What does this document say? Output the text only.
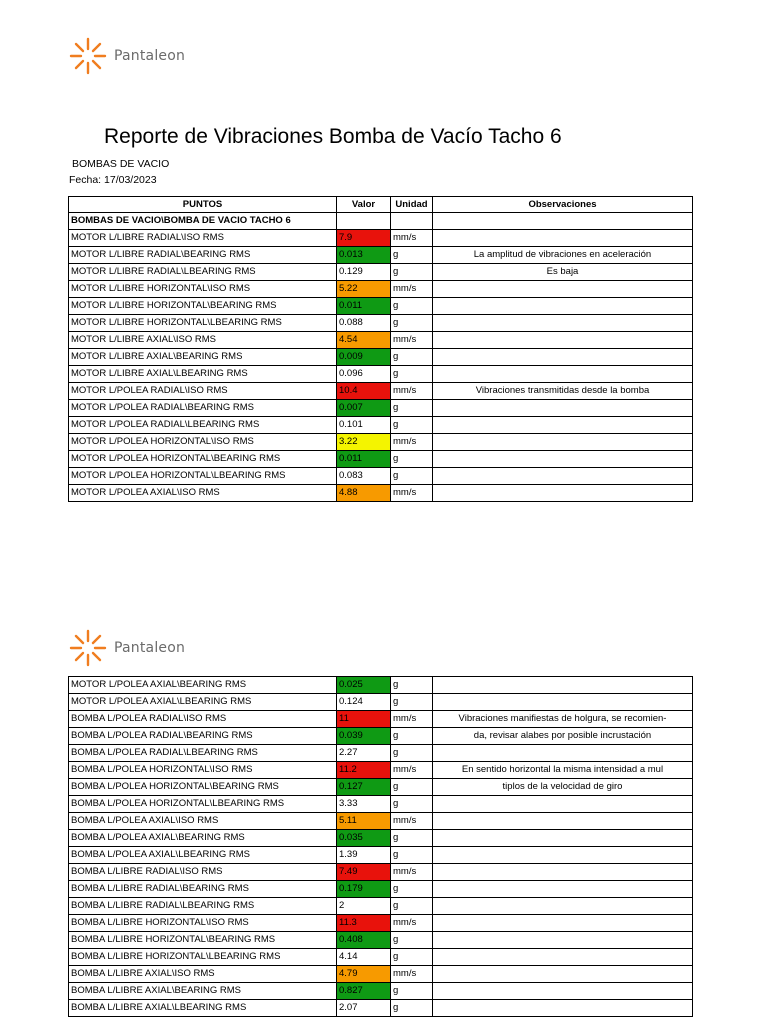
Pantaleon
Reporte de Vibraciones Bomba de Vacío Tacho 6
BOMBAS DE VACIO
Fecha: 17/03/2023
PUNTOS	Valor	Unidad	Observaciones
BOMBAS DE VACIO\BOMBA DE VACIO TACHO 6			
MOTOR L/LIBRE RADIAL\ISO RMS	7.9	mm/s	
MOTOR L/LIBRE RADIAL\BEARING RMS	0.013	g	La amplitud de vibraciones en aceleración
MOTOR L/LIBRE RADIAL\LBEARING RMS	0.129	g	Es baja
MOTOR L/LIBRE HORIZONTAL\ISO RMS	5.22	mm/s	
MOTOR L/LIBRE HORIZONTAL\BEARING RMS	0.011	g	
MOTOR L/LIBRE HORIZONTAL\LBEARING RMS	0.088	g	
MOTOR L/LIBRE AXIAL\ISO RMS	4.54	mm/s	
MOTOR L/LIBRE AXIAL\BEARING RMS	0.009	g	
MOTOR L/LIBRE AXIAL\LBEARING RMS	0.096	g	
MOTOR L/POLEA RADIAL\ISO RMS	10.4	mm/s	Vibraciones transmitidas desde la bomba
MOTOR L/POLEA RADIAL\BEARING RMS	0.007	g	
MOTOR L/POLEA RADIAL\LBEARING RMS	0.101	g	
MOTOR L/POLEA HORIZONTAL\ISO RMS	3.22	mm/s	
MOTOR L/POLEA HORIZONTAL\BEARING RMS	0.011	g	
MOTOR L/POLEA HORIZONTAL\LBEARING RMS	0.083	g	
MOTOR L/POLEA AXIAL\ISO RMS	4.88	mm/s	
Pantaleon
MOTOR L/POLEA AXIAL\BEARING RMS	0.025	g	
MOTOR L/POLEA AXIAL\LBEARING RMS	0.124	g	
BOMBA L/POLEA RADIAL\ISO RMS	11	mm/s	Vibraciones manifiestas de holgura, se recomien-
BOMBA L/POLEA RADIAL\BEARING RMS	0.039	g	da, revisar alabes por posible incrustación
BOMBA L/POLEA RADIAL\LBEARING RMS	2.27	g	
BOMBA L/POLEA HORIZONTAL\ISO RMS	11.2	mm/s	En sentido horizontal la misma intensidad a mul
BOMBA L/POLEA HORIZONTAL\BEARING RMS	0.127	g	tiplos de la velocidad de giro
BOMBA L/POLEA HORIZONTAL\LBEARING RMS	3.33	g	
BOMBA L/POLEA AXIAL\ISO RMS	5.11	mm/s	
BOMBA L/POLEA AXIAL\BEARING RMS	0.035	g	
BOMBA L/POLEA AXIAL\LBEARING RMS	1.39	g	
BOMBA L/LIBRE RADIAL\ISO RMS	7.49	mm/s	
BOMBA L/LIBRE RADIAL\BEARING RMS	0.179	g	
BOMBA L/LIBRE RADIAL\LBEARING RMS	2	g	
BOMBA L/LIBRE HORIZONTAL\ISO RMS	11.3	mm/s	
BOMBA L/LIBRE HORIZONTAL\BEARING RMS	0.408	g	
BOMBA L/LIBRE HORIZONTAL\LBEARING RMS	4.14	g	
BOMBA L/LIBRE AXIAL\ISO RMS	4.79	mm/s	
BOMBA L/LIBRE AXIAL\BEARING RMS	0.827	g	
BOMBA L/LIBRE AXIAL\LBEARING RMS	2.07	g	
